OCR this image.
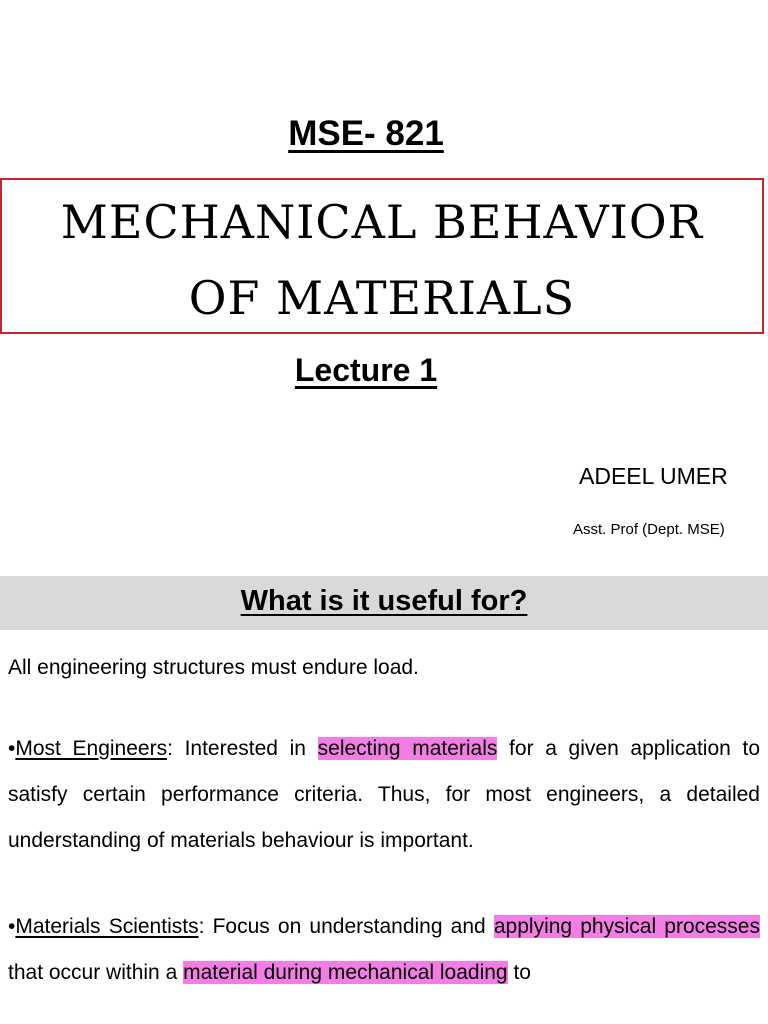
MSE- 821
MECHANICAL BEHAVIOR
OF MATERIALS
Lecture 1
ADEEL UMER
Asst. Prof (Dept. MSE)
What is it useful for?

All engineering structures must endure load.

•Most Engineers: Interested in selecting materials for a given application to satisfy certain performance criteria. Thus, for most engineers, a detailed understanding of materials behaviour is important.

•Materials Scientists: Focus on understanding and applying physical processes that occur within a material during mechanical loading to
